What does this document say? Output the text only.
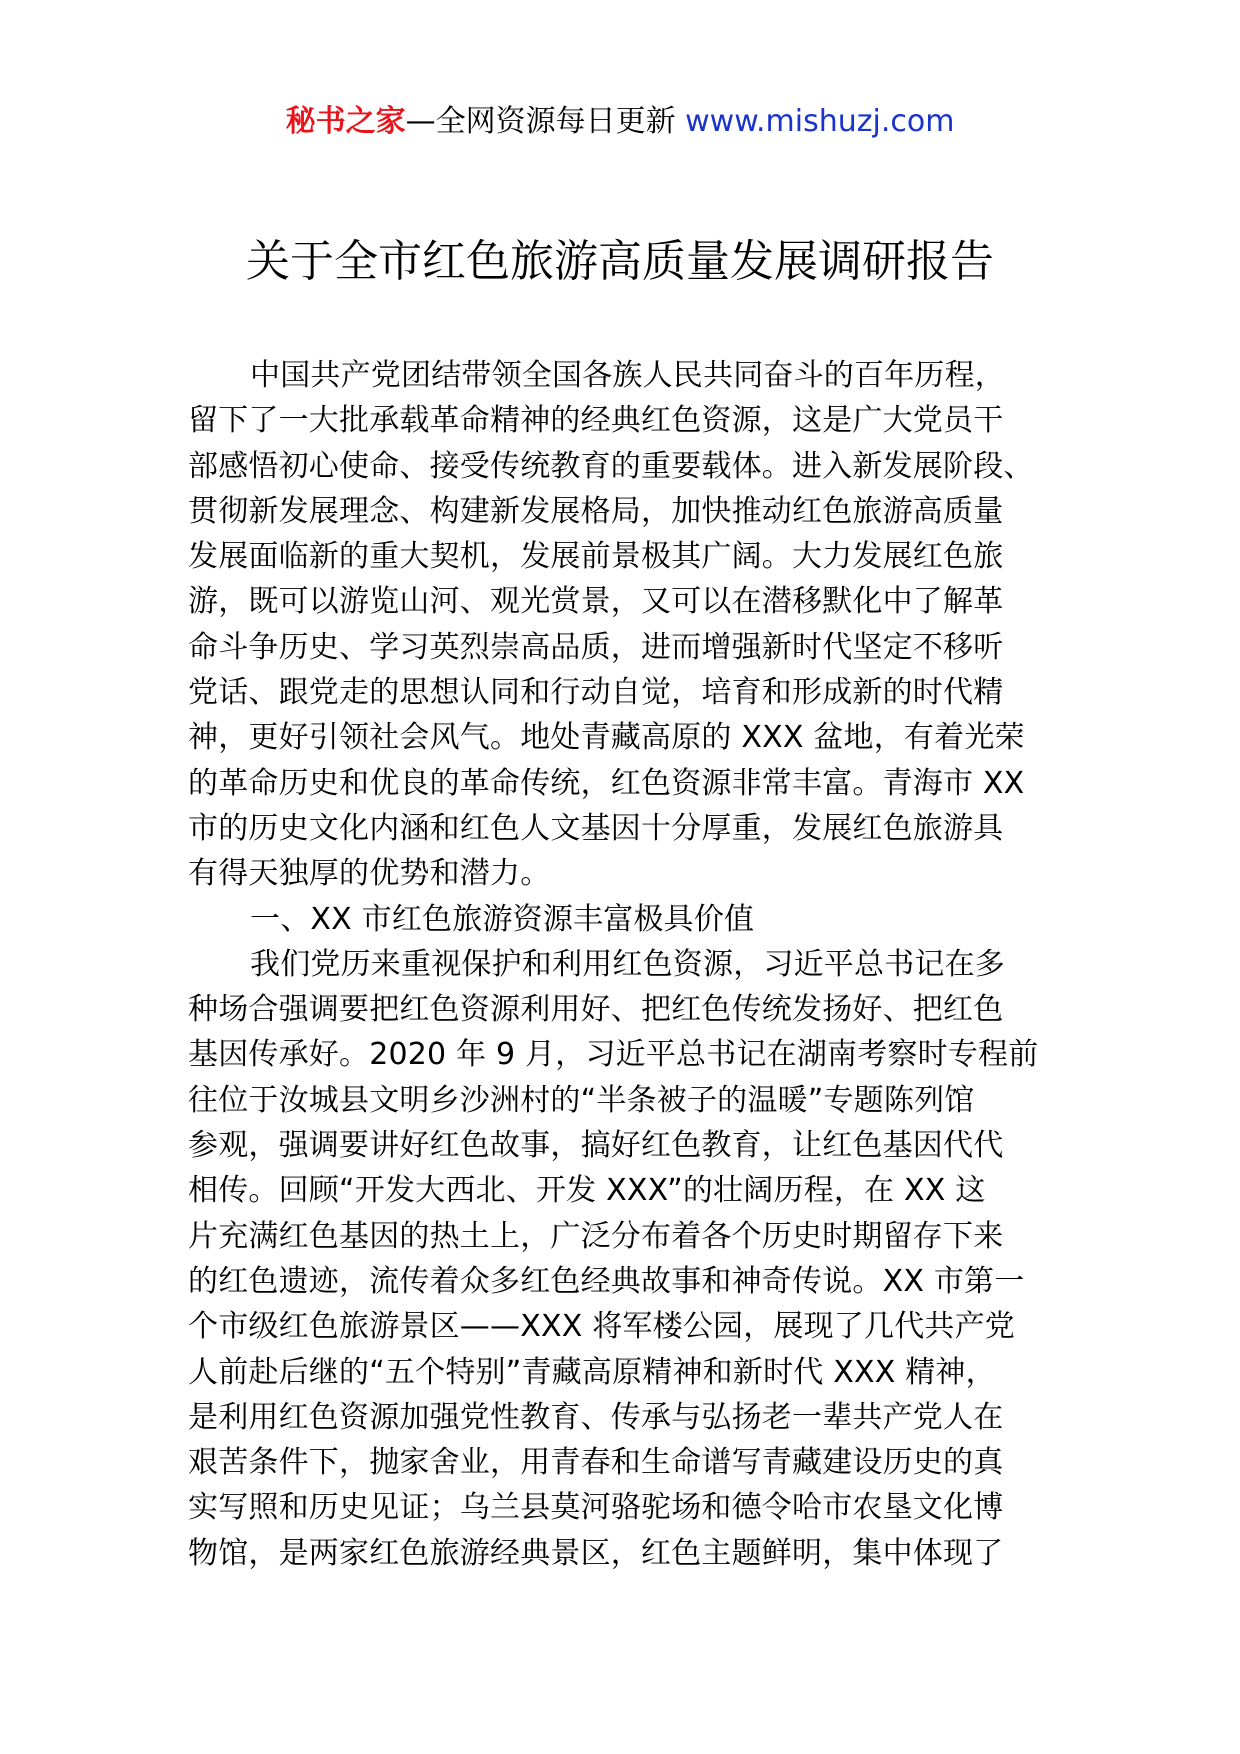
秘书之家—全网资源每日更新 www.mishuzj.com
关于全市红色旅游高质量发展调研报告
中国共产党团结带领全国各族人民共同奋斗的百年历程，
留下了一大批承载革命精神的经典红色资源，这是广大党员干
部感悟初心使命、接受传统教育的重要载体。进入新发展阶段、
贯彻新发展理念、构建新发展格局，加快推动红色旅游高质量
发展面临新的重大契机，发展前景极其广阔。大力发展红色旅
游，既可以游览山河、观光赏景，又可以在潜移默化中了解革
命斗争历史、学习英烈崇高品质，进而增强新时代坚定不移听
党话、跟党走的思想认同和行动自觉，培育和形成新的时代精
神，更好引领社会风气。地处青藏高原的 XXX 盆地，有着光荣
的革命历史和优良的革命传统，红色资源非常丰富。青海市 XX
市的历史文化内涵和红色人文基因十分厚重，发展红色旅游具
有得天独厚的优势和潜力。
一、XX 市红色旅游资源丰富极具价值
我们党历来重视保护和利用红色资源，习近平总书记在多
种场合强调要把红色资源利用好、把红色传统发扬好、把红色
基因传承好。2020 年 9 月，习近平总书记在湖南考察时专程前
往位于汝城县文明乡沙洲村的“半条被子的温暖”专题陈列馆
参观，强调要讲好红色故事，搞好红色教育，让红色基因代代
相传。回顾“开发大西北、开发 XXX”的壮阔历程，在 XX 这
片充满红色基因的热土上，广泛分布着各个历史时期留存下来
的红色遗迹，流传着众多红色经典故事和神奇传说。XX 市第一
个市级红色旅游景区——XXX 将军楼公园，展现了几代共产党
人前赴后继的“五个特别”青藏高原精神和新时代 XXX 精神，
是利用红色资源加强党性教育、传承与弘扬老一辈共产党人在
艰苦条件下，抛家舍业，用青春和生命谱写青藏建设历史的真
实写照和历史见证；乌兰县莫河骆驼场和德令哈市农垦文化博
物馆，是两家红色旅游经典景区，红色主题鲜明，集中体现了
